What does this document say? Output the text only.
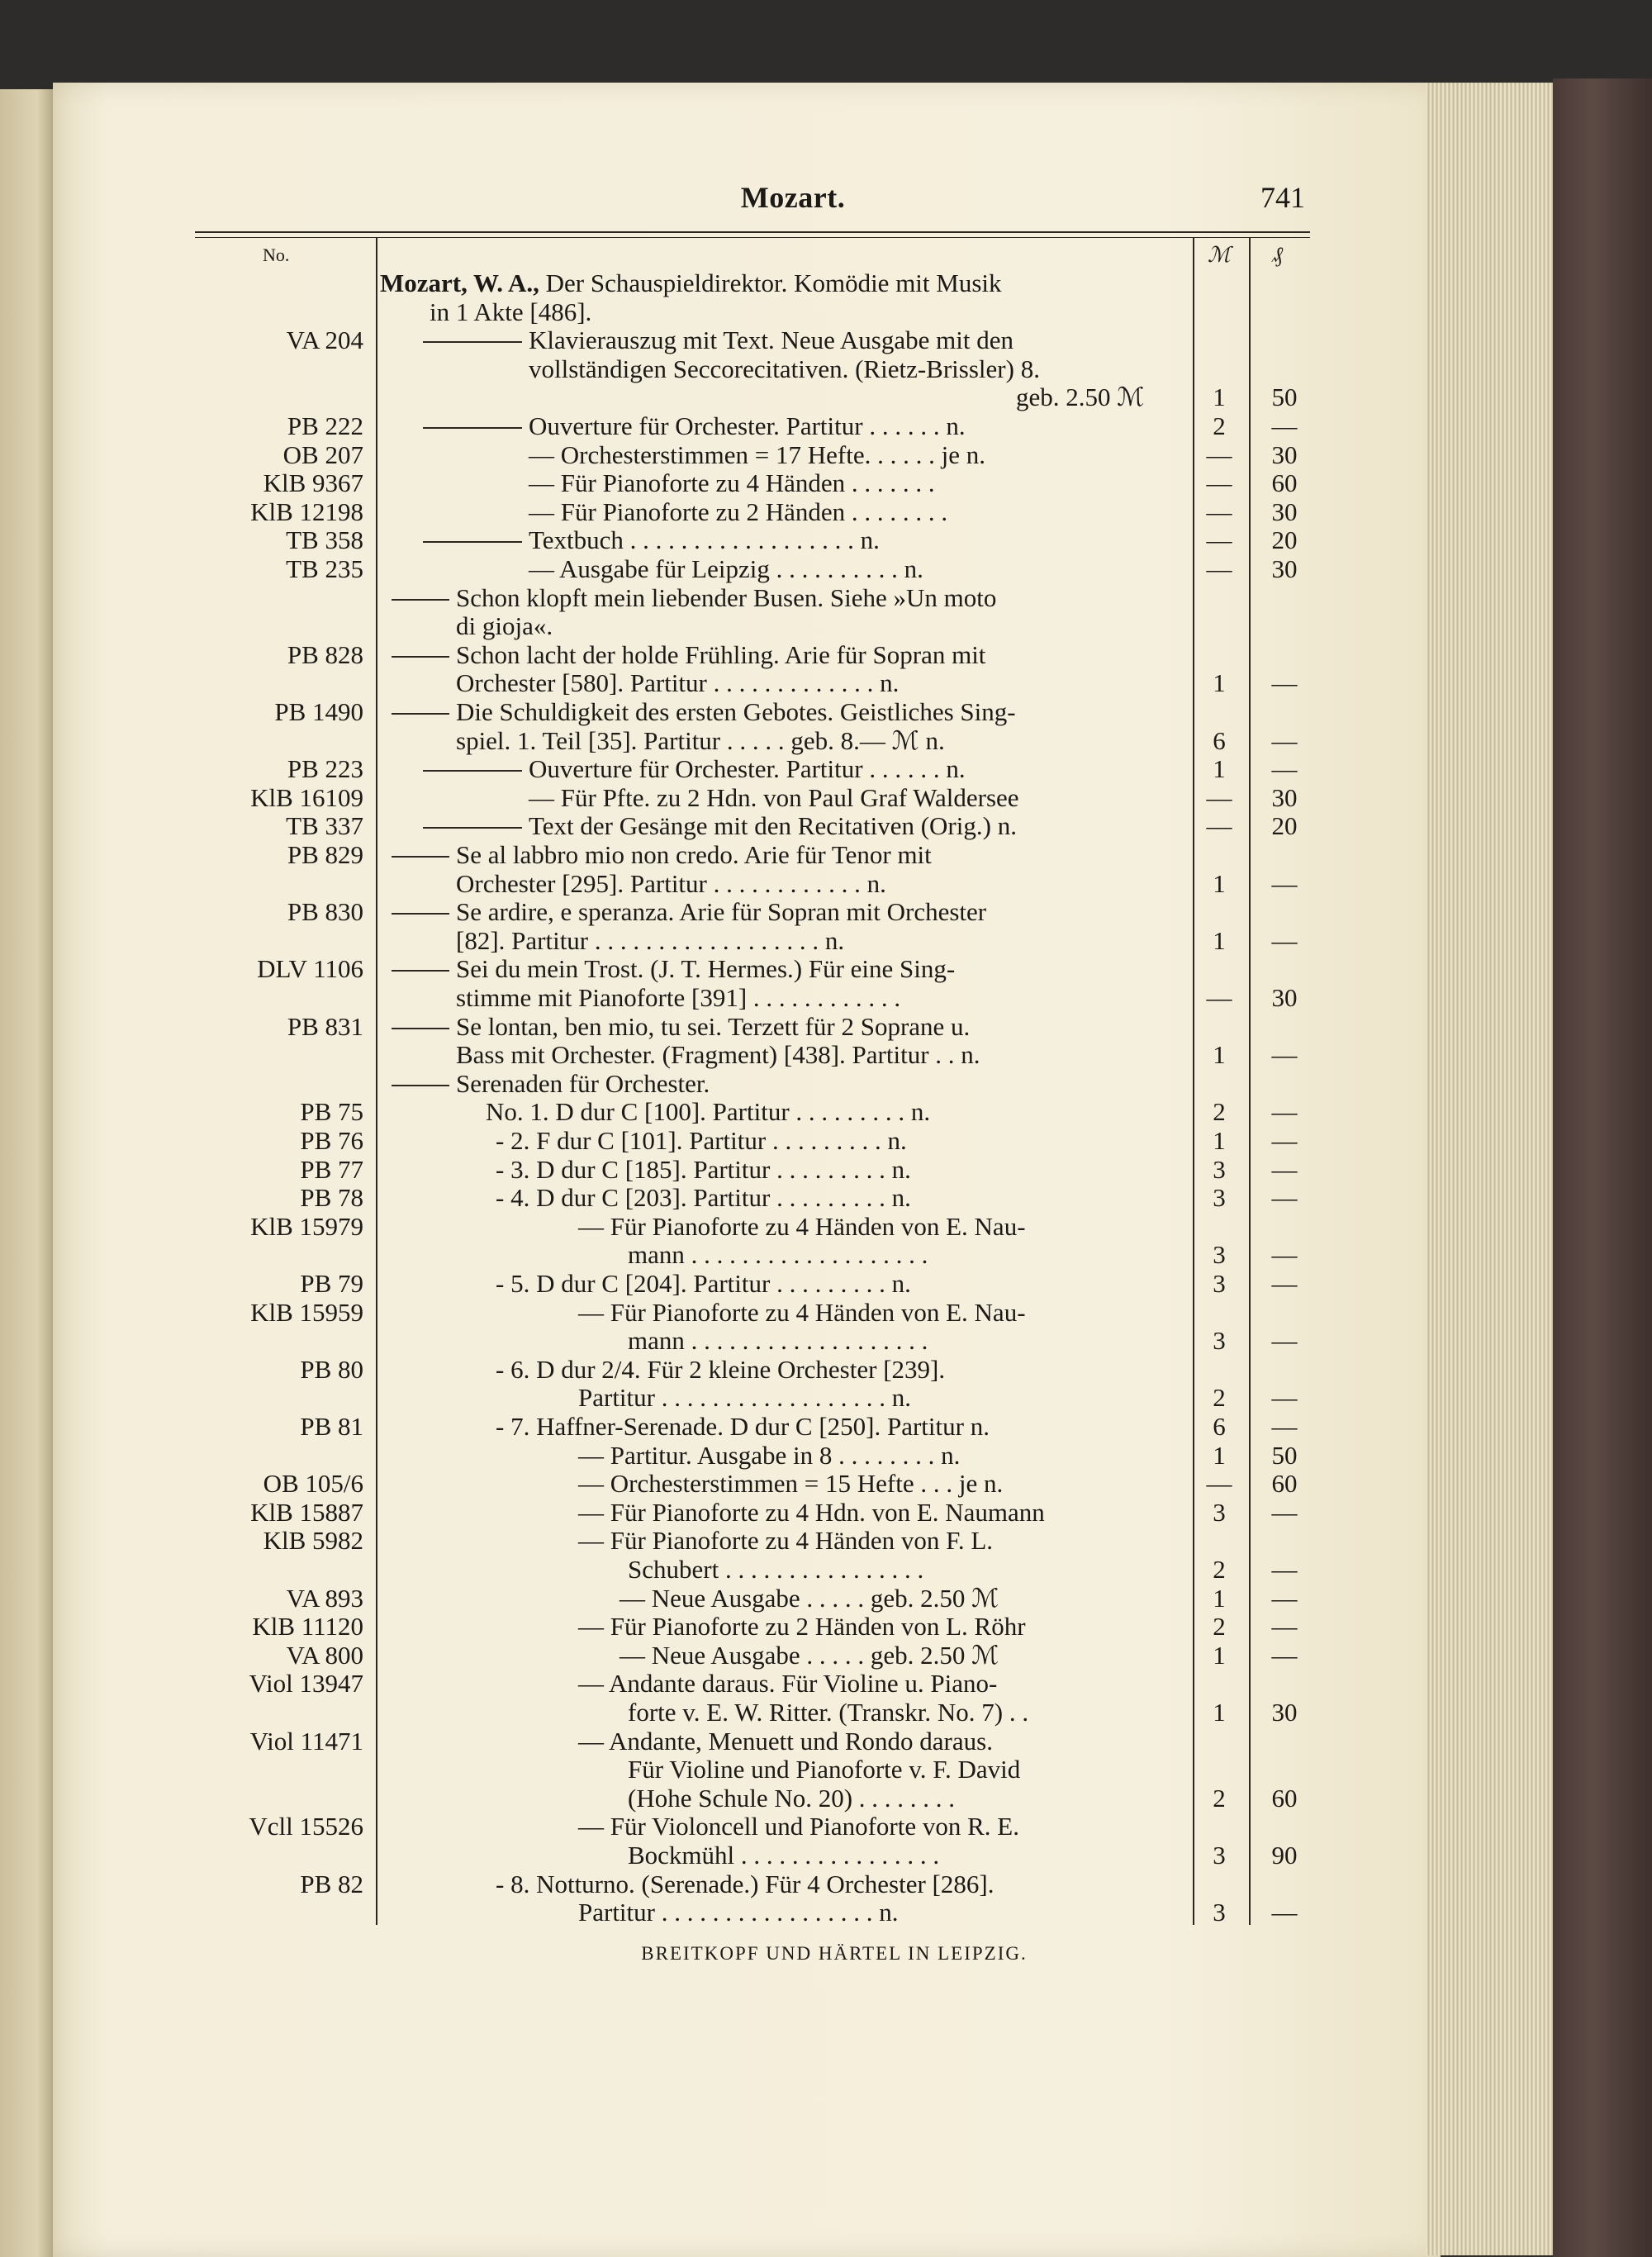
Mozart.	741
No.	ℳ ₰
Mozart, W. A., Der Schauspieldirektor. Komödie mit Musik
in 1 Akte [486].
VA 204	Klavierauszug mit Text. Neue Ausgabe mit den
vollständigen Seccorecitativen. (Rietz-Brissler) 8.
geb. 2.50 ℳ	1	50
PB 222	Ouverture für Orchester. Partitur . . . . . . n.	2	—
OB 207	— Orchesterstimmen = 17 Hefte. . . . . . je n.	—	30
KlB 9367	— Für Pianoforte zu 4 Händen . . . . . . .	—	60
KlB 12198	— Für Pianoforte zu 2 Händen . . . . . . . .	—	30
TB 358	Textbuch . . . . . . . . . . . . . . . . . . n.	—	20
TB 235	— Ausgabe für Leipzig . . . . . . . . . . n.	—	30
Schon klopft mein liebender Busen. Siehe »Un moto
di gioja«.
PB 828	Schon lacht der holde Frühling. Arie für Sopran mit
Orchester [580]. Partitur . . . . . . . . . . . . . n.	1	—
PB 1490	Die Schuldigkeit des ersten Gebotes. Geistliches Sing-
spiel. 1. Teil [35]. Partitur . . . . . geb. 8.— ℳ n.	6	—
PB 223	Ouverture für Orchester. Partitur . . . . . . n.	1	—
KlB 16109	— Für Pfte. zu 2 Hdn. von Paul Graf Waldersee	—	30
TB 337	Text der Gesänge mit den Recitativen (Orig.) n.	—	20
PB 829	Se al labbro mio non credo. Arie für Tenor mit
Orchester [295]. Partitur . . . . . . . . . . . . n.	1	—
PB 830	Se ardire, e speranza. Arie für Sopran mit Orchester
[82]. Partitur . . . . . . . . . . . . . . . . . . n.	1	—
DLV 1106	Sei du mein Trost. (J. T. Hermes.) Für eine Sing-
stimme mit Pianoforte [391] . . . . . . . . . . . .	—	30
PB 831	Se lontan, ben mio, tu sei. Terzett für 2 Soprane u.
Bass mit Orchester. (Fragment) [438]. Partitur . . n.	1	—
Serenaden für Orchester.
PB 75	No. 1. D dur C [100]. Partitur . . . . . . . . . n.	2	—
PB 76	- 2. F dur C [101]. Partitur . . . . . . . . . n.	1	—
PB 77	- 3. D dur C [185]. Partitur . . . . . . . . . n.	3	—
PB 78	- 4. D dur C [203]. Partitur . . . . . . . . . n.	3	—
KlB 15979	— Für Pianoforte zu 4 Händen von E. Nau-
mann . . . . . . . . . . . . . . . . . . .	3	—
PB 79	- 5. D dur C [204]. Partitur . . . . . . . . . n.	3	—
KlB 15959	— Für Pianoforte zu 4 Händen von E. Nau-
mann . . . . . . . . . . . . . . . . . . .	3	—
PB 80	- 6. D dur 2/4. Für 2 kleine Orchester [239].
Partitur . . . . . . . . . . . . . . . . . . n.	2	—
PB 81	- 7. Haffner-Serenade. D dur C [250]. Partitur n.	6	—
— Partitur. Ausgabe in 8 . . . . . . . . n.	1	50
OB 105/6	— Orchesterstimmen = 15 Hefte . . . je n.	—	60
KlB 15887	— Für Pianoforte zu 4 Hdn. von E. Naumann	3	—
KlB 5982	— Für Pianoforte zu 4 Händen von F. L.
Schubert . . . . . . . . . . . . . . . .	2	—
VA 893	— Neue Ausgabe . . . . . geb. 2.50 ℳ	1	—
KlB 11120	— Für Pianoforte zu 2 Händen von L. Röhr	2	—
VA 800	— Neue Ausgabe . . . . . geb. 2.50 ℳ	1	—
Viol 13947	— Andante daraus. Für Violine u. Piano-
forte v. E. W. Ritter. (Transkr. No. 7) . .	1	30
Viol 11471	— Andante, Menuett und Rondo daraus.
Für Violine und Pianoforte v. F. David
(Hohe Schule No. 20) . . . . . . . .	2	60
Vcll 15526	— Für Violoncell und Pianoforte von R. E.
Bockmühl . . . . . . . . . . . . . . . .	3	90
PB 82	- 8. Notturno. (Serenade.) Für 4 Orchester [286].
Partitur . . . . . . . . . . . . . . . . . n.	3	—
BREITKOPF UND HÄRTEL IN LEIPZIG.
